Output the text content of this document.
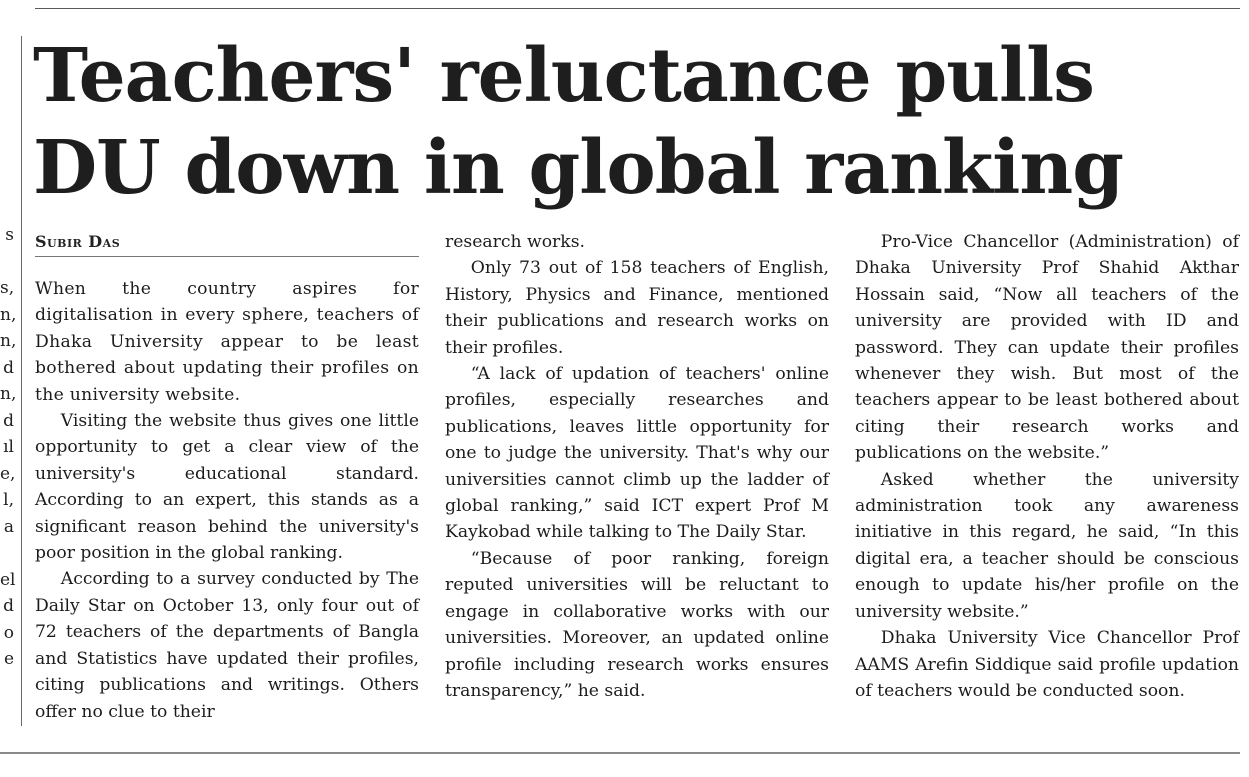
s
s,
n,
n,
d
n,
d
ıl
e,
l,
a
el
d
o
e
Teachers' reluctance pulls DU down in global ranking
Subir Das

When the country aspires for digitalisation in every sphere, teachers of Dhaka University appear to be least bothered about updating their profiles on the university website.

Visiting the website thus gives one little opportunity to get a clear view of the university's educational standard. According to an expert, this stands as a significant reason behind the university's poor position in the global ranking.

According to a survey conducted by The Daily Star on October 13, only four out of 72 teachers of the departments of Bangla and Statistics have updated their profiles, citing publications and writings. Others offer no clue to their

research works.

Only 73 out of 158 teachers of English, History, Physics and Finance, mentioned their publications and research works on their profiles.

“A lack of updation of teachers' online profiles, especially researches and publications, leaves little opportunity for one to judge the university. That's why our universities cannot climb up the ladder of global ranking,” said ICT expert Prof M Kaykobad while talking to The Daily Star.

“Because of poor ranking, foreign reputed universities will be reluctant to engage in collaborative works with our universities. Moreover, an updated online profile including research works ensures transparency,” he said.

Pro-Vice Chancellor (Administration) of Dhaka University Prof Shahid Akthar Hossain said, “Now all teachers of the university are provided with ID and password. They can update their profiles whenever they wish. But most of the teachers appear to be least bothered about citing their research works and publications on the website.”

Asked whether the university administration took any awareness initiative in this regard, he said, “In this digital era, a teacher should be conscious enough to update his/her profile on the university website.”

Dhaka University Vice Chancellor Prof AAMS Arefin Siddique said profile updation of teachers would be conducted soon.
